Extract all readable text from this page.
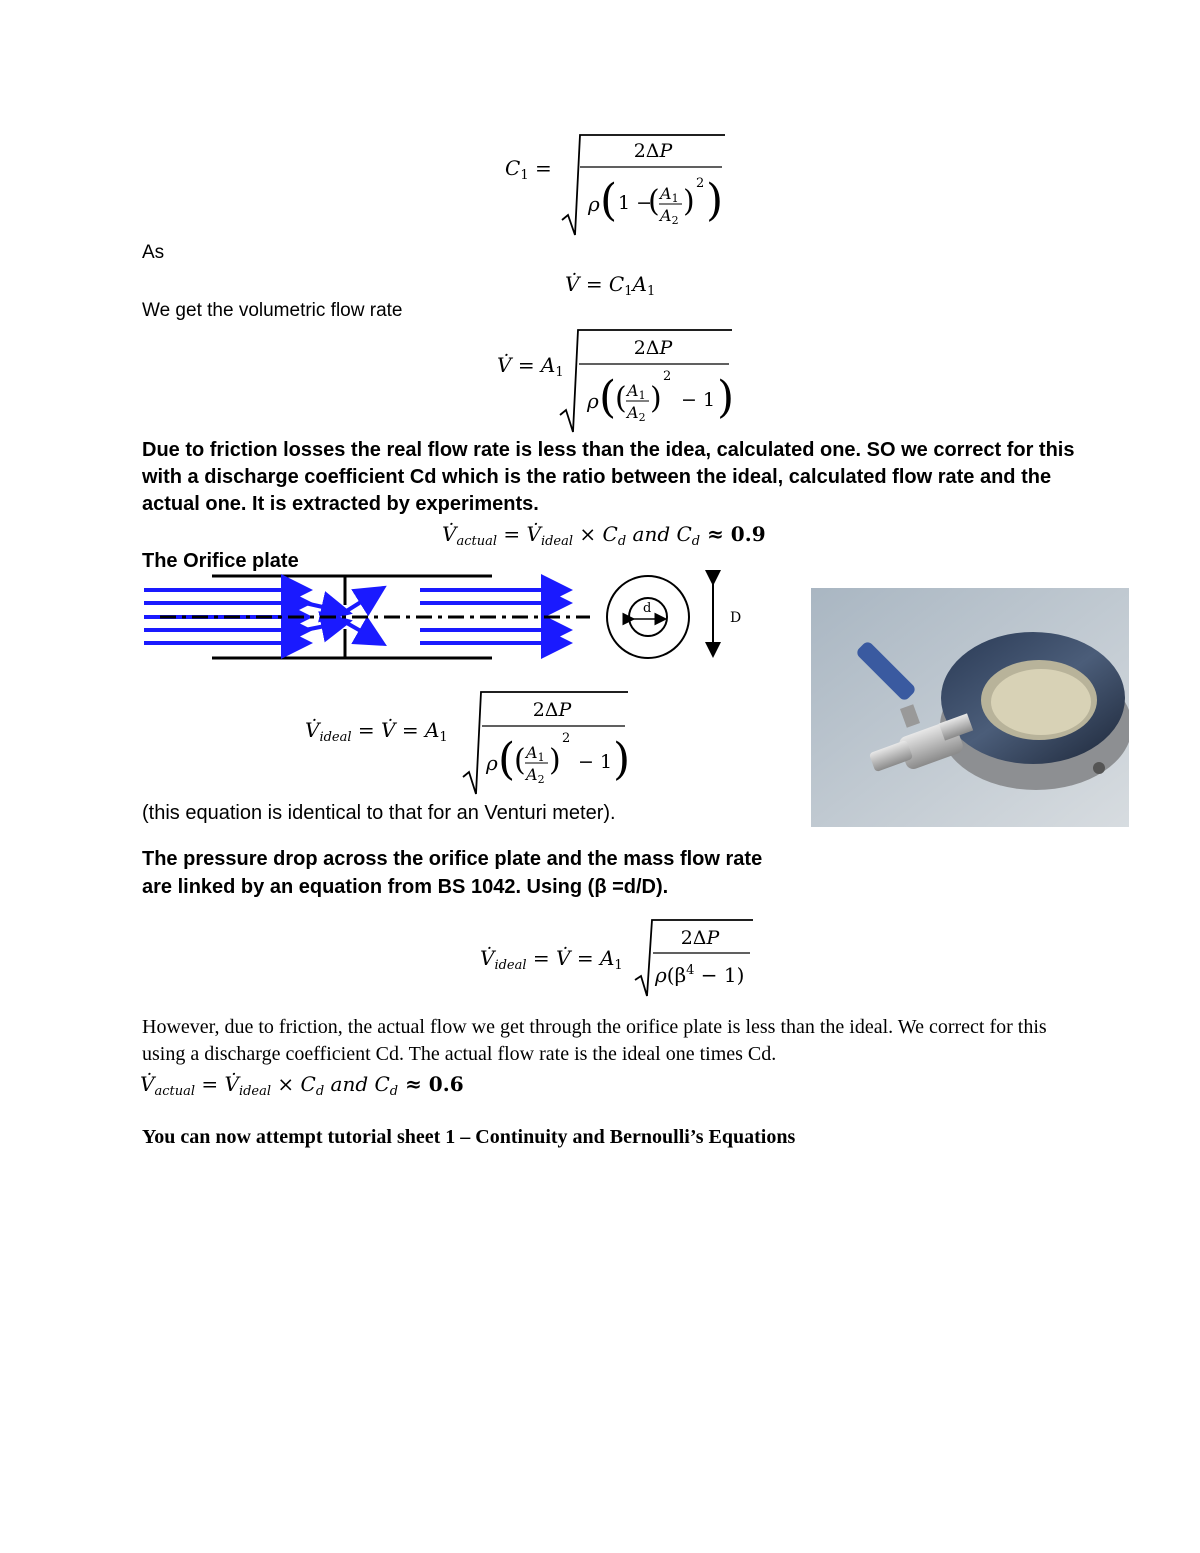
$C_1$ =
2ΔP
ρ ( 1 −
( A1
A2
)
2 )
As
V̇ = $C_1A_1$
We get the volumetric flow rate
V̇ = $A_1$
2ΔP
ρ (
( A1
A2
)
2
− 1 )
Due to friction losses the real flow rate is less than the idea, calculated one. SO we correct for this with a discharge coefficient Cd which is the ratio between the ideal, calculated flow rate and the actual one. It is extracted by experiments.
$V̇_{actual}$ = $V̇_{ideal} \times C_d$ and $C_d \approx 0.9$
The Orifice plate
d
D
$V̇_{ideal}$ = V̇ = $A_1$
2ΔP
ρ (
( A1
A2
)
2
− 1 )
(this equation is identical to that for an Venturi meter).
The pressure drop across the orifice plate and the mass flow rate are linked by an equation from BS 1042. Using (β =d/D).
$V̇_{ideal}$ = V̇ = $A_1$
2ΔP
$\rho(\beta^4 - 1)$
However, due to friction, the actual flow we get through the orifice plate is less than the ideal. We correct for this using a discharge coefficient Cd. The actual flow rate is the ideal one times Cd.
$V̇_{actual}$ = $V̇_{ideal} \times C_d$ and $C_d \approx 0.6$
You can now attempt tutorial sheet 1 – Continuity and Bernoulli’s Equations
